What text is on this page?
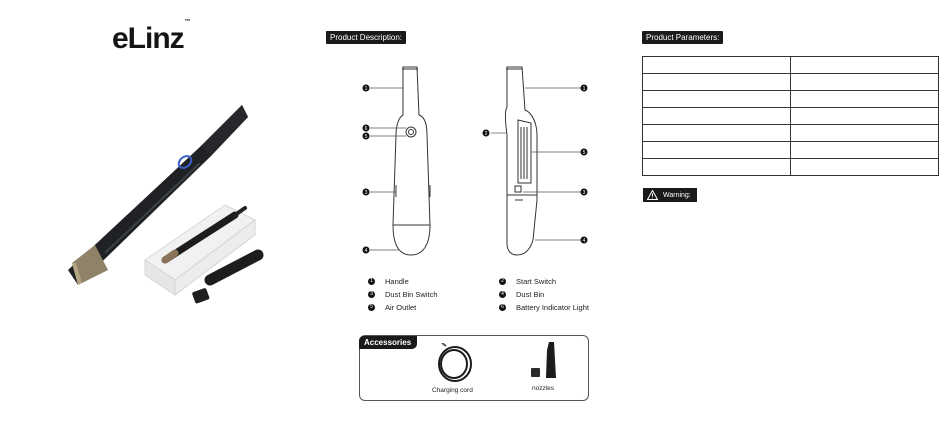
eLinz™
Product Description:
1
6
5
3
4
1
2
5
3
4
1 Handle	2 Start Switch
3 Dust Bin Switch	4 Dust Bin
5 Air Outlet	6 Battery Indicator Light
Accessories
Charging cord	nozzles
Product Parameters:

Warning:
